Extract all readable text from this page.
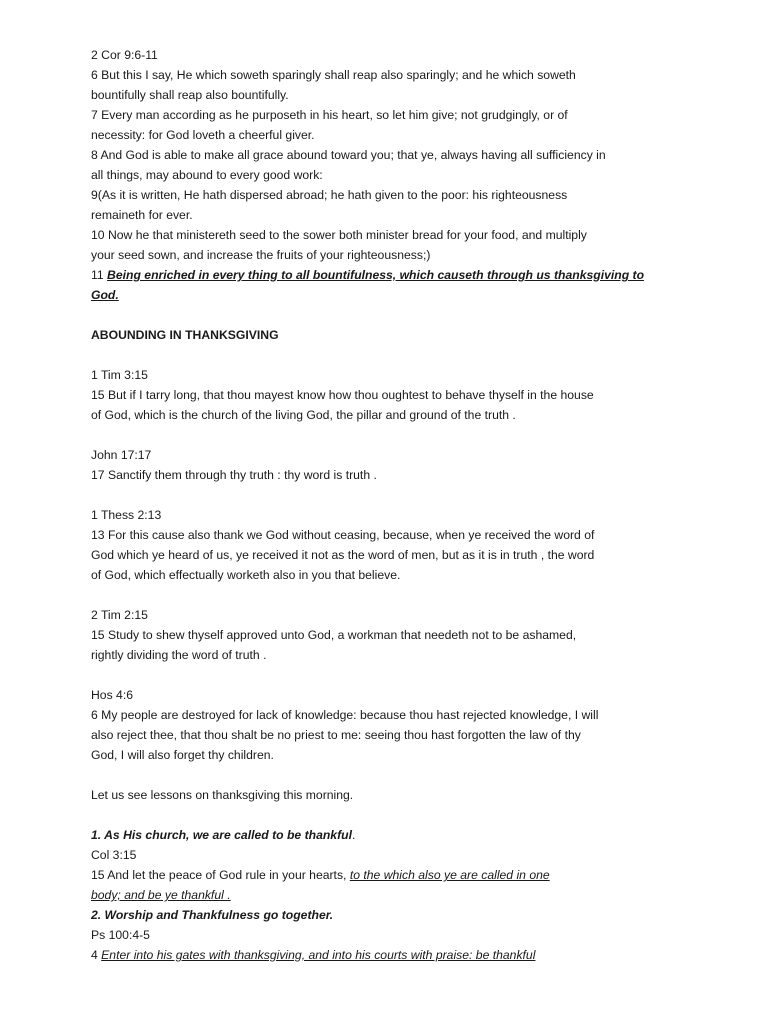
2 Cor 9:6-11
6 But this I say, He which soweth sparingly shall reap also sparingly; and he which soweth
bountifully shall reap also bountifully.
7 Every man according as he purposeth in his heart, so let him give; not grudgingly, or of
necessity: for God loveth a cheerful giver.
8 And God is able to make all grace abound toward you; that ye, always having all sufficiency in
all things, may abound to every good work:
9(As it is written, He hath dispersed abroad; he hath given to the poor: his righteousness
remaineth for ever.
10 Now he that ministereth seed to the sower both minister bread for your food, and multiply
your seed sown, and increase the fruits of your righteousness;)
11 Being enriched in every thing to all bountifulness, which causeth through us thanksgiving to
God.
ABOUNDING IN THANKSGIVING
1 Tim 3:15
15 But if I tarry long, that thou mayest know how thou oughtest to behave thyself in the house
of God, which is the church of the living God, the pillar and ground of the truth .
John 17:17
17 Sanctify them through thy truth : thy word is truth .
1 Thess 2:13
13 For this cause also thank we God without ceasing, because, when ye received the word of
God which ye heard of us, ye received it not as the word of men, but as it is in truth , the word
of God, which effectually worketh also in you that believe.
2 Tim 2:15
15 Study to shew thyself approved unto God, a workman that needeth not to be ashamed,
rightly dividing the word of truth .
Hos 4:6
6 My people are destroyed for lack of knowledge: because thou hast rejected knowledge, I will
also reject thee, that thou shalt be no priest to me: seeing thou hast forgotten the law of thy
God, I will also forget thy children.
Let us see lessons on thanksgiving this morning.
1. As His church, we are called to be thankful.
Col 3:15
15 And let the peace of God rule in your hearts, to the which also ye are called in one
body; and be ye thankful .
2. Worship and Thankfulness go together.
Ps 100:4-5
4 Enter into his gates with thanksgiving, and into his courts with praise: be thankful
